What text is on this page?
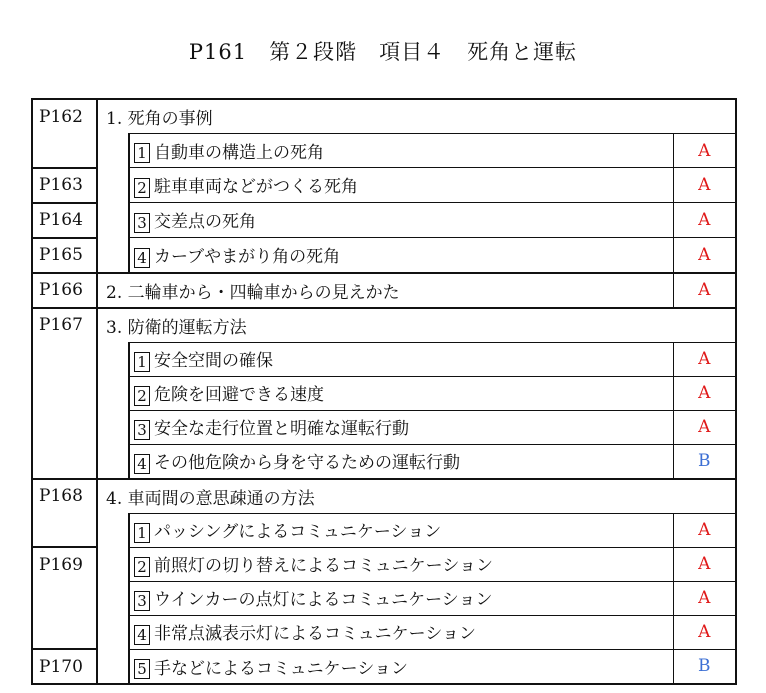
P161　第２段階　項目４　死角と運転
P162	1. 死角の事例		
		1 自動車の構造上の死角	A
P163		2 駐車車両などがつくる死角	A
P164		3 交差点の死角	A
P165		4 カーブやまがり角の死角	A
P166	2. 二輪車から・四輪車からの見えかた		A
P167	3. 防衛的運転方法		
		1 安全空間の確保	A
		2 危険を回避できる速度	A
		3 安全な走行位置と明確な運転行動	A
		4 その他危険から身を守るための運転行動	B
P168	4. 車両間の意思疎通の方法		
		1 パッシングによるコミュニケーション	A
P169		2 前照灯の切り替えによるコミュニケーション	A
		3 ウインカーの点灯によるコミュニケーション	A
		4 非常点滅表示灯によるコミュニケーション	A
P170		5 手などによるコミュニケーション	B
